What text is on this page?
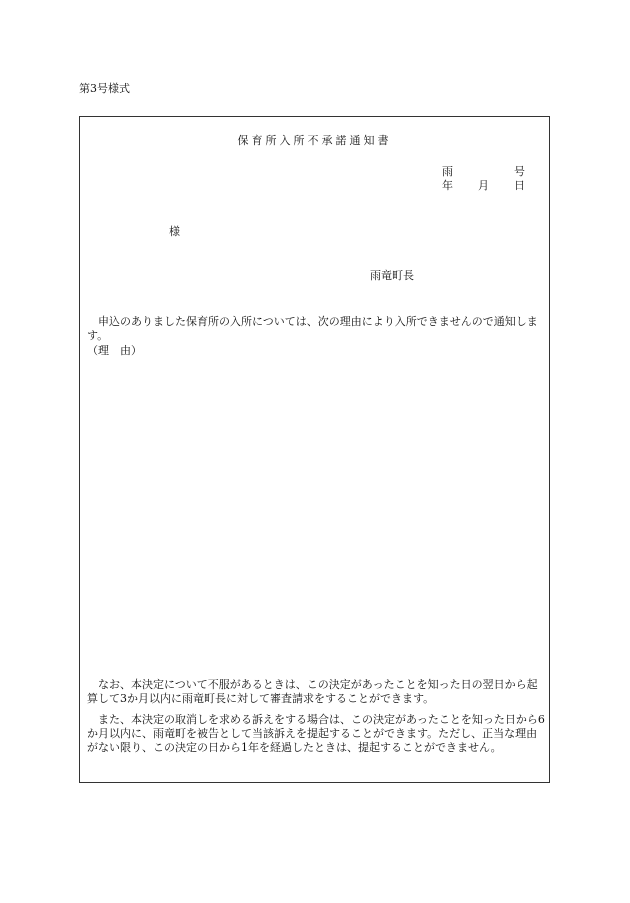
第3号様式
保育所入所不承諾通知書
雨	号
年 月 日
様
雨竜町長

申込のありました保育所の入所については、次の理由により入所できませんので通知します。

（理　由）

なお、本決定について不服があるときは、この決定があったことを知った日の翌日から起算して3か月以内に雨竜町長に対して審査請求をすることができます。

また、本決定の取消しを求める訴えをする場合は、この決定があったことを知った日から6か月以内に、雨竜町を被告として当該訴えを提起することができます。ただし、正当な理由がない限り、この決定の日から1年を経過したときは、提起することができません。
